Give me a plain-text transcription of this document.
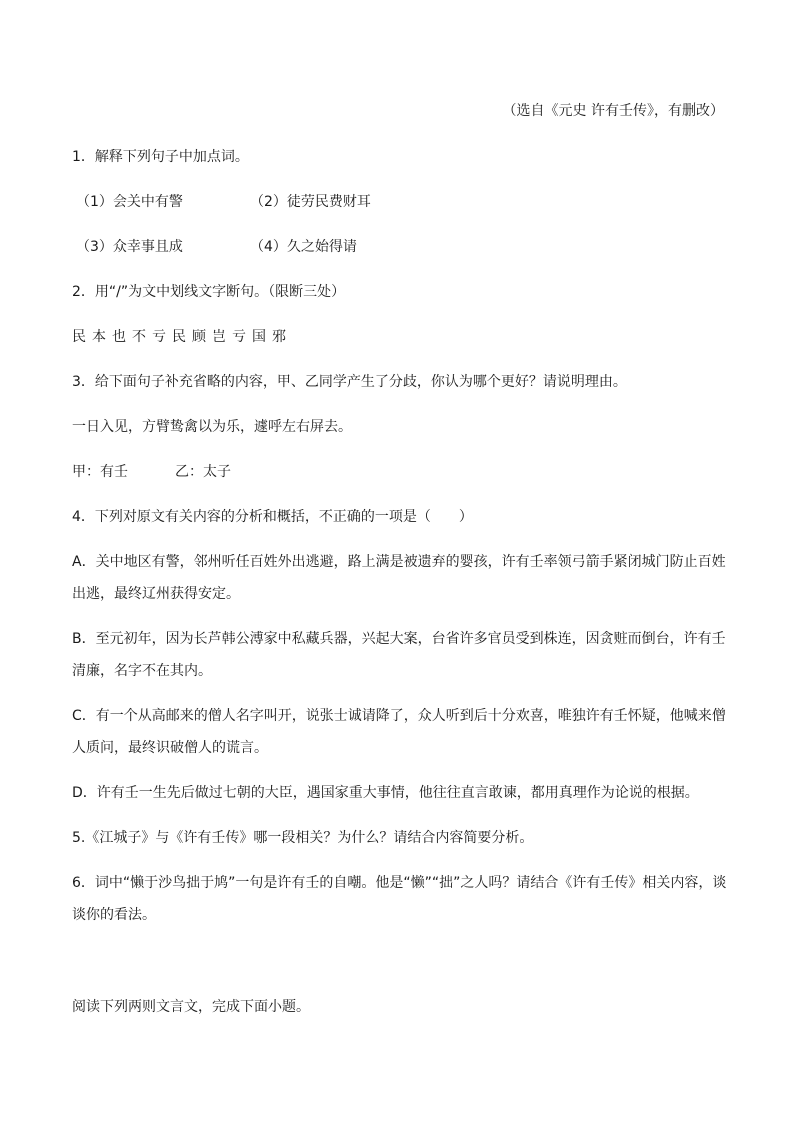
（选自《元史 许有壬传》，有删改）
1．解释下列句子中加点词。
（1）会关中有警	（2）徒劳民费财耳
（3）众幸事且成	（4）久之始得请
2．用“/”为文中划线文字断句。（限断三处）
民本也不亏民顾岂亏国邪
3．给下面句子补充省略的内容，甲、乙同学产生了分歧，你认为哪个更好？请说明理由。
一日入见，方臂鸷禽以为乐，遽呼左右屏去。
甲：有壬	乙：太子
4．下列对原文有关内容的分析和概括，不正确的一项是（　　）
A．关中地区有警，邻州听任百姓外出逃避，路上满是被遗弃的婴孩，许有壬率领弓箭手紧闭城门防止百姓
出逃，最终辽州获得安定。
B．至元初年，因为长芦韩公溥家中私藏兵器，兴起大案，台省许多官员受到株连，因贪赃而倒台，许有壬
清廉，名字不在其内。
C．有一个从高邮来的僧人名字叫开，说张士诚请降了，众人听到后十分欢喜，唯独许有壬怀疑，他喊来僧
人质问，最终识破僧人的谎言。
D．许有壬一生先后做过七朝的大臣，遇国家重大事情，他往往直言敢谏，都用真理作为论说的根据。
5.《江城子》与《许有壬传》哪一段相关？为什么？请结合内容简要分析。
6．词中“懒于沙鸟拙于鸠”一句是许有壬的自嘲。他是“懒”“拙”之人吗？请结合《许有壬传》相关内容，谈
谈你的看法。
阅读下列两则文言文，完成下面小题。
